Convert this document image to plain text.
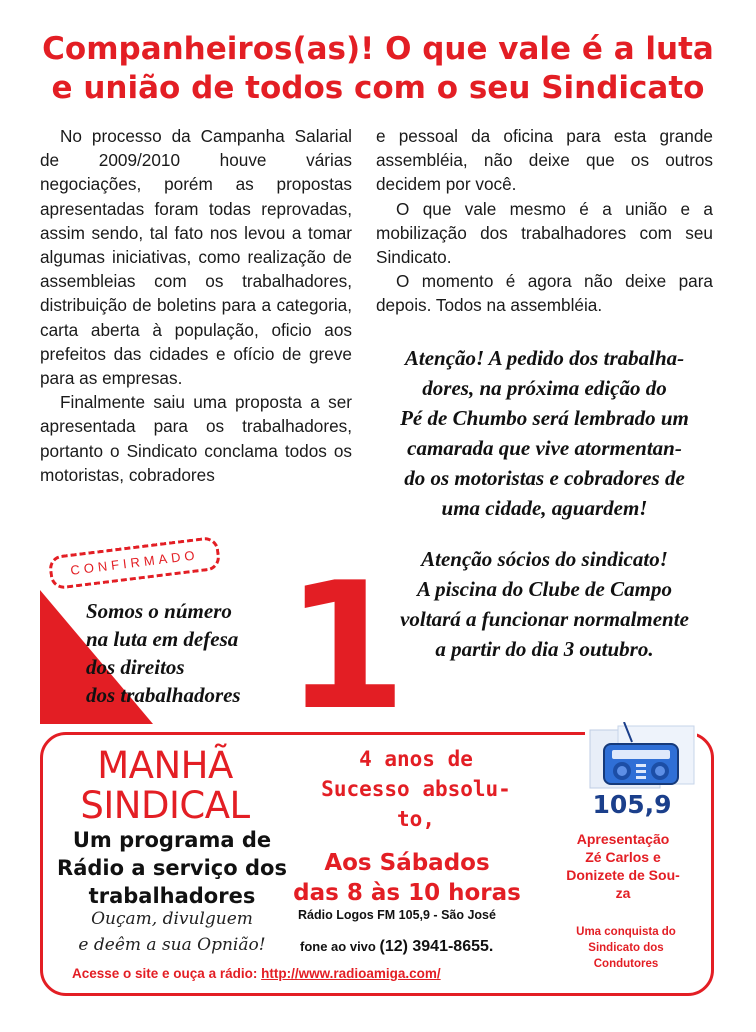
Companheiros(as)! O que vale é a luta
e união de todos com o seu Sindicato

No processo da Campanha Salarial de 2009/2010 houve várias negociações, porém as propostas apresentadas foram todas reprovadas, assim sendo, tal fato nos levou a tomar algumas iniciativas, como realização de assembleias com os trabalhadores, distribuição de boletins para a categoria, carta aberta à população, oficio aos prefeitos das cidades e ofício de greve para as empresas.

Finalmente saiu uma proposta a ser apresentada para os trabalhadores, portanto o Sindicato conclama todos os motoristas, cobradores

e pessoal da oficina para esta grande assembléia, não deixe que os outros decidem por você.

O que vale mesmo é a união e a mobilização dos trabalhadores com seu Sindicato.

O momento é agora não deixe para depois. Todos na assembléia.

Atenção! A pedido dos trabalha-
dores, na próxima edição do
Pé de Chumbo será lembrado um
camarada que vive atormentan-
do os motoristas e cobradores de
uma cidade, aguardem!
Atenção sócios do sindicato!
A piscina do Clube de Campo
voltará a funcionar normalmente
a partir do dia 3 outubro.
CONFIRMADO
Somos o número
na luta em defesa
dos direitos
dos trabalhadores 1
MANHÃ
SINDICAL
Um programa de
Rádio a serviço dos
trabalhadores
Ouçam, divulguem
e deêm a sua Opnião!
4 anos de
Sucesso absolu-
to,
Aos Sábados
das 8 às 10 horas
Rádio Logos FM 105,9 - São José
fone ao vivo (12) 3941-8655.
Acesse o site e ouça a rádio: http://www.radioamiga.com/
105,9
Apresentação
Zé Carlos e
Donizete de Sou-
za
Uma conquista do
Sindicato dos
Condutores
